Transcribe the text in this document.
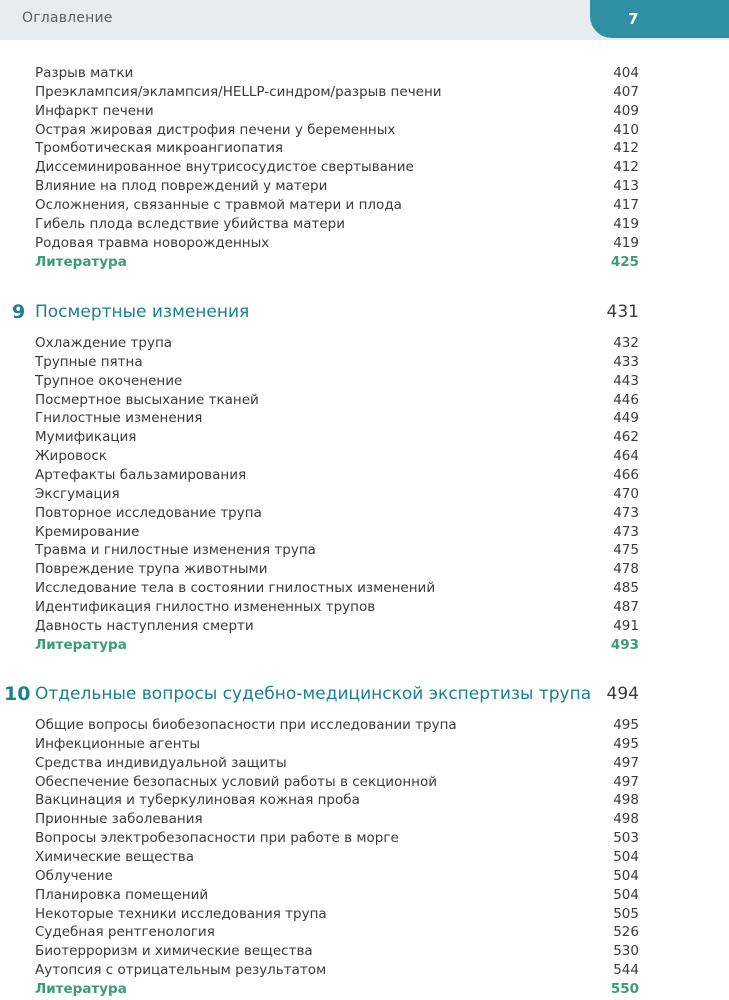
Оглавление	7
Разрыв матки	404
Преэклампсия/эклампсия/HELLP-синдром/разрыв печени	407
Инфаркт печени	409
Острая жировая дистрофия печени у беременных	410
Тромботическая микроангиопатия	412
Диссеминированное внутрисосудистое свертывание	412
Влияние на плод повреждений у матери	413
Осложнения, связанные с травмой матери и плода	417
Гибель плода вследствие убийства матери	419
Родовая травма новорожденных	419
Литература	425
9 Посмертные изменения	431
Охлаждение трупа	432
Трупные пятна	433
Трупное окоченение	443
Посмертное высыхание тканей	446
Гнилостные изменения	449
Мумификация	462
Жировоск	464
Артефакты бальзамирования	466
Эксгумация	470
Повторное исследование трупа	473
Кремирование	473
Травма и гнилостные изменения трупа	475
Повреждение трупа животными	478
Исследование тела в состоянии гнилостных изменений	485
Идентификация гнилостно измененных трупов	487
Давность наступления смерти	491
Литература	493
10 Отдельные вопросы судебно-медицинской экспертизы трупа 494
Общие вопросы биобезопасности при исследовании трупа	495
Инфекционные агенты	495
Средства индивидуальной защиты	497
Обеспечение безопасных условий работы в секционной	497
Вакцинация и туберкулиновая кожная проба	498
Прионные заболевания	498
Вопросы электробезопасности при работе в морге	503
Химические вещества	504
Облучение	504
Планировка помещений	504
Некоторые техники исследования трупа	505
Судебная рентгенология	526
Биотерроризм и химические вещества	530
Аутопсия с отрицательным результатом	544
Литература	550
